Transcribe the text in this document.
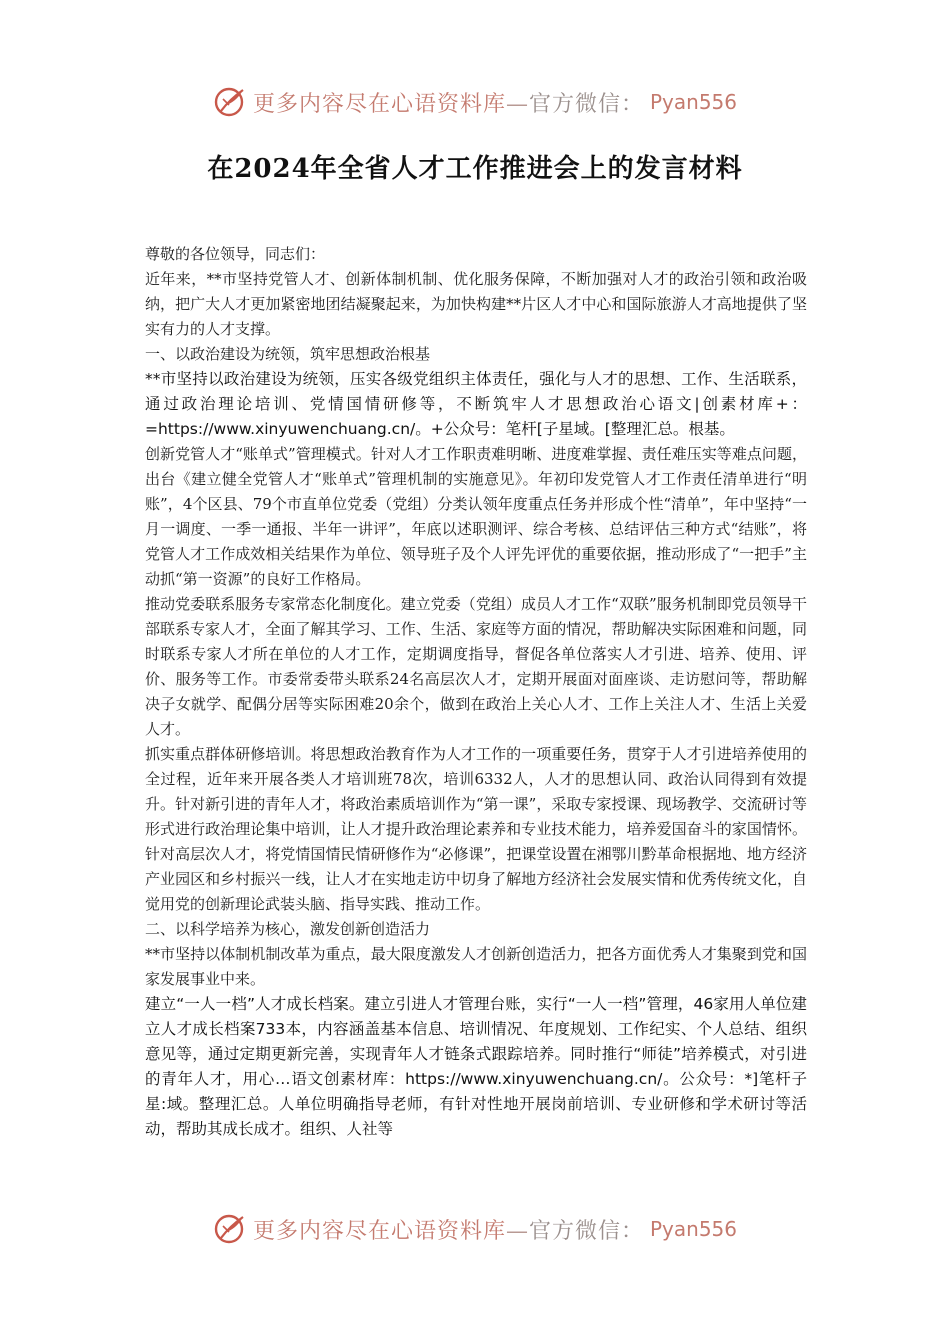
更多内容尽在心语资料库—官方微信： Pyan556
在2024年全省人才工作推进会上的发言材料

尊敬的各位领导，同志们：

近年来，**市坚持党管人才、创新体制机制、优化服务保障，不断加强对人才的政治引领和政治吸纳，把广大人才更加紧密地团结凝聚起来，为加快构建**片区人才中心和国际旅游人才高地提供了坚实有力的人才支撑。

一、以政治建设为统领，筑牢思想政治根基

**市坚持以政治建设为统领，压实各级党组织主体责任，强化与人才的思想、工作、生活联系，通过政治理论培训、党情国情研修等，不断筑牢人才思想政治心语文|创素材库+：=https://www.xinyuwenchuang.cn/。+公众号：笔杆[子星域。[整理汇总。根基。

创新党管人才“账单式”管理模式。针对人才工作职责难明晰、进度难掌握、责任难压实等难点问题，出台《建立健全党管人才“账单式”管理机制的实施意见》。年初印发党管人才工作责任清单进行“明账”，4个区县、79个市直单位党委（党组）分类认领年度重点任务并形成个性“清单”，年中坚持“一月一调度、一季一通报、半年一讲评”，年底以述职测评、综合考核、总结评估三种方式“结账”，将党管人才工作成效相关结果作为单位、领导班子及个人评先评优的重要依据，推动形成了“一把手”主动抓“第一资源”的良好工作格局。

推动党委联系服务专家常态化制度化。建立党委（党组）成员人才工作“双联”服务机制即党员领导干部联系专家人才，全面了解其学习、工作、生活、家庭等方面的情况，帮助解决实际困难和问题，同时联系专家人才所在单位的人才工作，定期调度指导，督促各单位落实人才引进、培养、使用、评价、服务等工作。市委常委带头联系24名高层次人才，定期开展面对面座谈、走访慰问等，帮助解决子女就学、配偶分居等实际困难20余个，做到在政治上关心人才、工作上关注人才、生活上关爱人才。

抓实重点群体研修培训。将思想政治教育作为人才工作的一项重要任务，贯穿于人才引进培养使用的全过程，近年来开展各类人才培训班78次，培训6332人，人才的思想认同、政治认同得到有效提升。针对新引进的青年人才，将政治素质培训作为“第一课”，采取专家授课、现场教学、交流研讨等形式进行政治理论集中培训，让人才提升政治理论素养和专业技术能力，培养爱国奋斗的家国情怀。针对高层次人才，将党情国情民情研修作为“必修课”，把课堂设置在湘鄂川黔革命根据地、地方经济产业园区和乡村振兴一线，让人才在实地走访中切身了解地方经济社会发展实情和优秀传统文化，自觉用党的创新理论武装头脑、指导实践、推动工作。

二、以科学培养为核心，激发创新创造活力

**市坚持以体制机制改革为重点，最大限度激发人才创新创造活力，把各方面优秀人才集聚到党和国家发展事业中来。

建立“一人一档”人才成长档案。建立引进人才管理台账，实行“一人一档”管理，46家用人单位建立人才成长档案733本，内容涵盖基本信息、培训情况、年度规划、工作纪实、个人总结、组织意见等，通过定期更新完善，实现青年人才链条式跟踪培养。同时推行“师徒”培养模式，对引进的青年人才，用心…语文创素材库：https://www.xinyuwenchuang.cn/。公众号：*]笔杆子星:域。整理汇总。人单位明确指导老师，有针对性地开展岗前培训、专业研修和学术研讨等活动，帮助其成长成才。组织、人社等

更多内容尽在心语资料库—官方微信： Pyan556
